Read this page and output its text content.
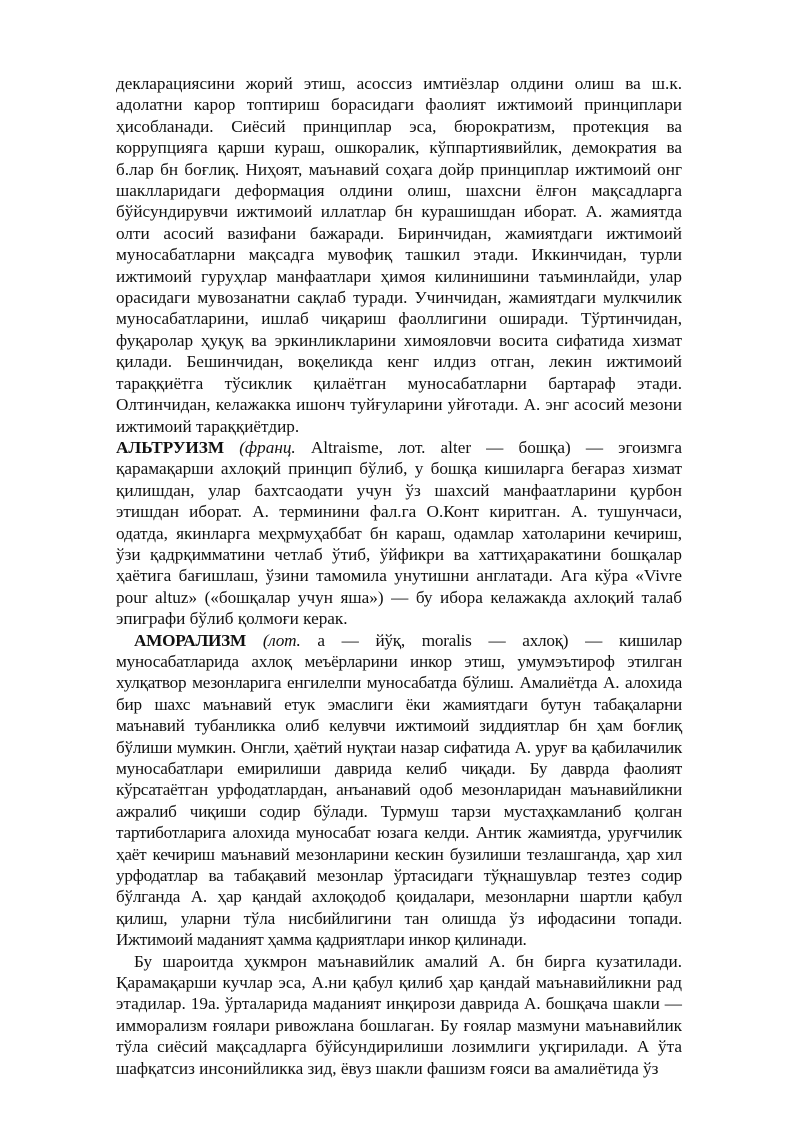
декларациясини жорий этиш, асоссиз имтиёзлар олдини олиш ва ш.к. адолатни карор топтириш борасидаги фаолият ижтимоий принциплари ҳисобланади. Сиёсий принциплар эса, бюрократизм, протекция ва коррупцияга қарши кураш, ошкоралик, кўппартиявийлик, демократия ва б.лар бн боғлиқ. Ниҳоят, маънавий соҳага дойр принциплар ижтимоий онг шаклларидаги деформация олдини олиш, шахсни ёлғон мақсадларга бўйсундирувчи ижтимоий иллатлар бн курашишдан иборат. А. жамиятда олти асосий вазифани бажаради. Биринчидан, жамиятдаги ижтимоий муносабатларни мақсадга мувофиқ ташкил этади. Иккинчидан, турли ижтимоий гуруҳлар манфаатлари ҳимоя килинишини таъминлайди, улар орасидаги мувозанатни сақлаб туради. Учинчидан, жамиятдаги мулкчилик муносабатларини, ишлаб чиқариш фаоллигини оширади. Тўртинчидан, фуқаролар ҳуқуқ ва эркинликларини химояловчи восита сифатида хизмат қилади. Бешинчидан, воқеликда кенг илдиз отган, лекин ижтимоий тараққиётга тўсиклик қилаётган муносабатларни бартараф этади. Олтинчидан, келажакка ишонч туйғуларини уйғотади. А. энг асосий мезони ижтимоий тараққиётдир.

АЛЬТРУИЗМ (франц. Altraisme, лот. alter — бошқа) — эгоизмга қарамақарши ахлоқий принцип бўлиб, у бошқа кишиларга беғараз хизмат қилишдан, улар бахтсаодати учун ўз шахсий манфаатларини қурбон этишдан иборат. А. терминини фал.га О.Конт киритган. А. тушунчаси, одатда, якинларга меҳрмуҳаббат бн караш, одамлар хатоларини кечириш, ўзи қадрқимматини четлаб ўтиб, ўйфикри ва хаттиҳаракатини бошқалар ҳаётига бағишлаш, ўзини тамомила унутишни англатади. Ага кўра «Vivre pour altuz» («бошқалар учун яша») — бу ибора келажакда ахлоқий талаб эпиграфи бўлиб қолмоғи керак.

АМОРАЛИЗМ (лот. a — йўқ, moralis — ахлоқ) — кишилар муносабатларида ахлоқ меъёрларини инкор этиш, умумэътироф этилган хулқатвор мезонларига енгилелпи муносабатда бўлиш. Амалиётда А. алохида бир шахс маънавий етук эмаслиги ёки жамиятдаги бутун табақаларни маънавий тубанликка олиб келувчи ижтимоий зиддиятлар бн ҳам боғлиқ бўлиши мумкин. Онгли, ҳаётий нуқтаи назар сифатида А. уруғ ва қабилачилик муносабатлари емирилиши даврида келиб чиқади. Бу даврда фаолият кўрсатаётган урфодатлардан, анъанавий одоб мезонларидан маънавийликни ажралиб чиқиши содир бўлади. Турмуш тарзи мустаҳкамланиб қолган тартиботларига алохида муносабат юзага келди. Антик жамиятда, уруғчилик ҳаёт кечириш маънавий мезонларини кескин бузилиши тезлашганда, ҳар хил урфодатлар ва табақавий мезонлар ўртасидаги тўқнашувлар тезтез содир бўлганда А. ҳар қандай ахлоқодоб қоидалари, мезонларни шартли қабул қилиш, уларни тўла нисбийлигини тан олишда ўз ифодасини топади. Ижтимоий маданият ҳамма қадриятлари инкор қилинади.

Бу шароитда ҳукмрон маънавийлик амалий А. бн бирга кузатилади. Қарамақарши кучлар эса, А.ни қабул қилиб ҳар қандай маънавийликни рад этадилар. 19а. ўрталарида маданият инқирози даврида А. бошқача шакли — имморализм ғоялари ривожлана бошлаган. Бу ғоялар мазмуни маънавийлик тўла сиёсий мақсадларга бўйсундирилиши лозимлиги уқгирилади. А ўта шафқатсиз инсонийликка зид, ёвуз шакли фашизм ғояси ва амалиётида ўз
